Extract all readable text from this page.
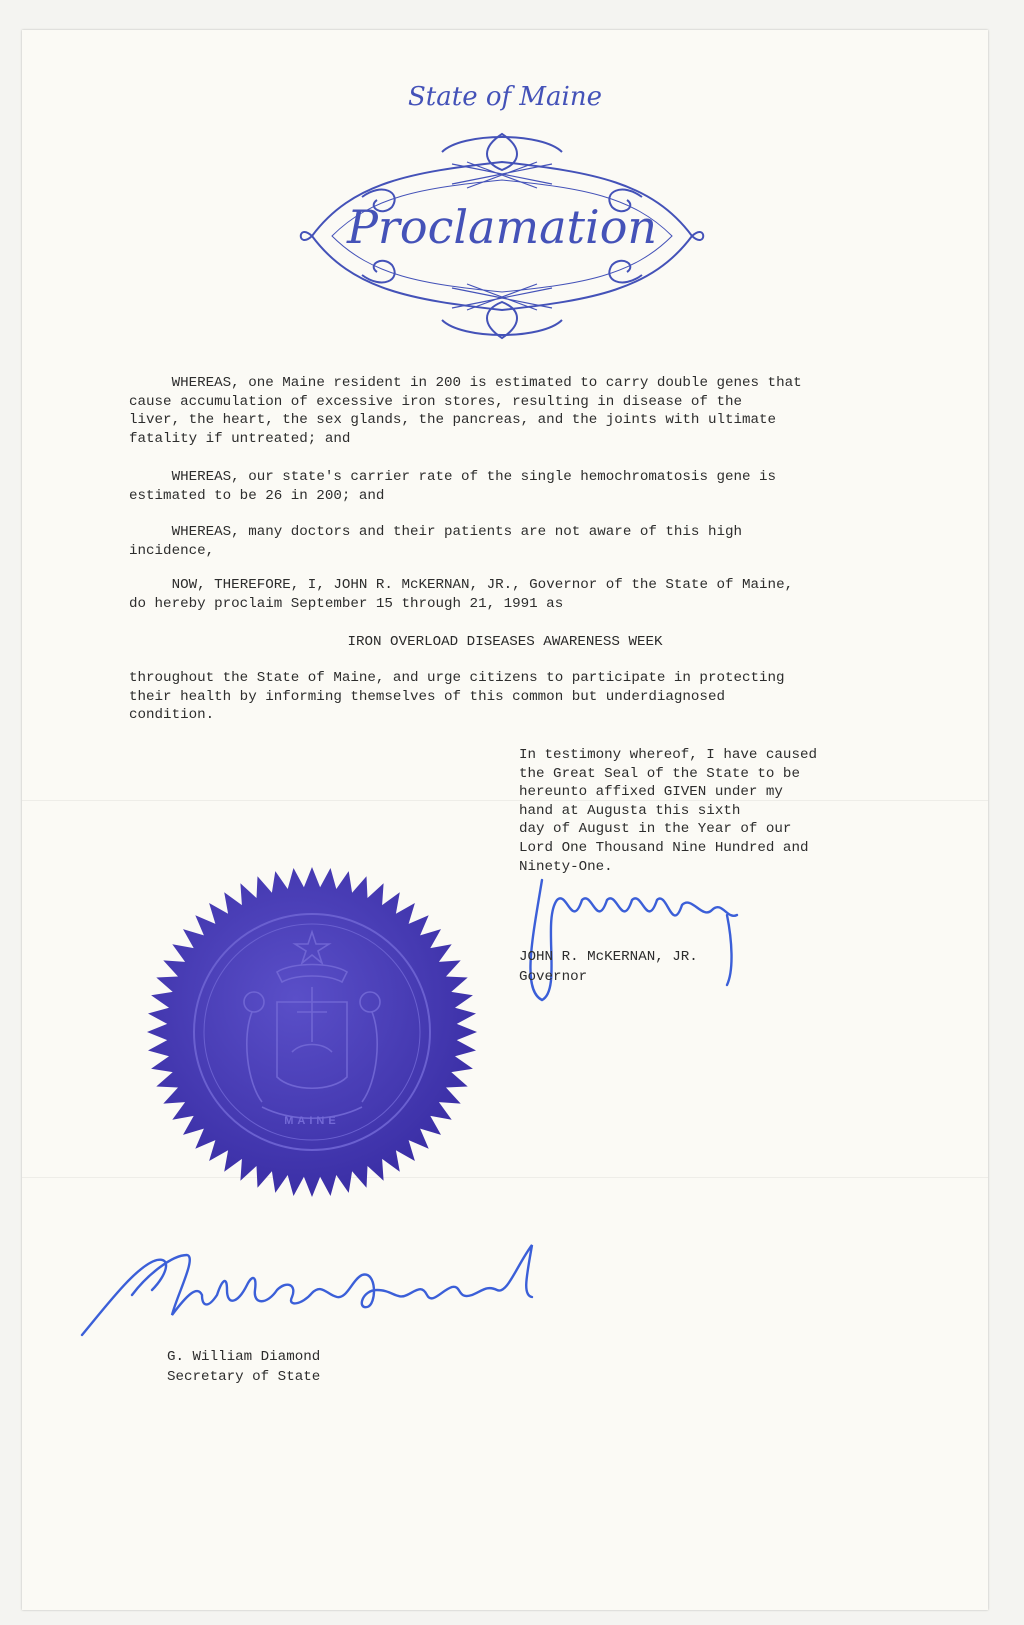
State of Maine
Proclamation
WHEREAS, one Maine resident in 200 is estimated to carry double genes that
cause accumulation of excessive iron stores, resulting in disease of the
liver, the heart, the sex glands, the pancreas, and the joints with ultimate
fatality if untreated; and
WHEREAS, our state's carrier rate of the single hemochromatosis gene is
estimated to be 26 in 200; and
WHEREAS, many doctors and their patients are not aware of this high
incidence,
NOW, THEREFORE, I, JOHN R. McKERNAN, JR., Governor of the State of Maine,
do hereby proclaim September 15 through 21, 1991 as
IRON OVERLOAD DISEASES AWARENESS WEEK
throughout the State of Maine, and urge citizens to participate in protecting
their health by informing themselves of this common but underdiagnosed
condition.
In testimony whereof, I have caused
the Great Seal of the State to be
hereunto affixed GIVEN under my
hand at Augusta this sixth
day of August in the Year of our
Lord One Thousand Nine Hundred and
Ninety-One.
JOHN R. McKERNAN, JR.
Governor
MAINE
G. William Diamond
Secretary of State
